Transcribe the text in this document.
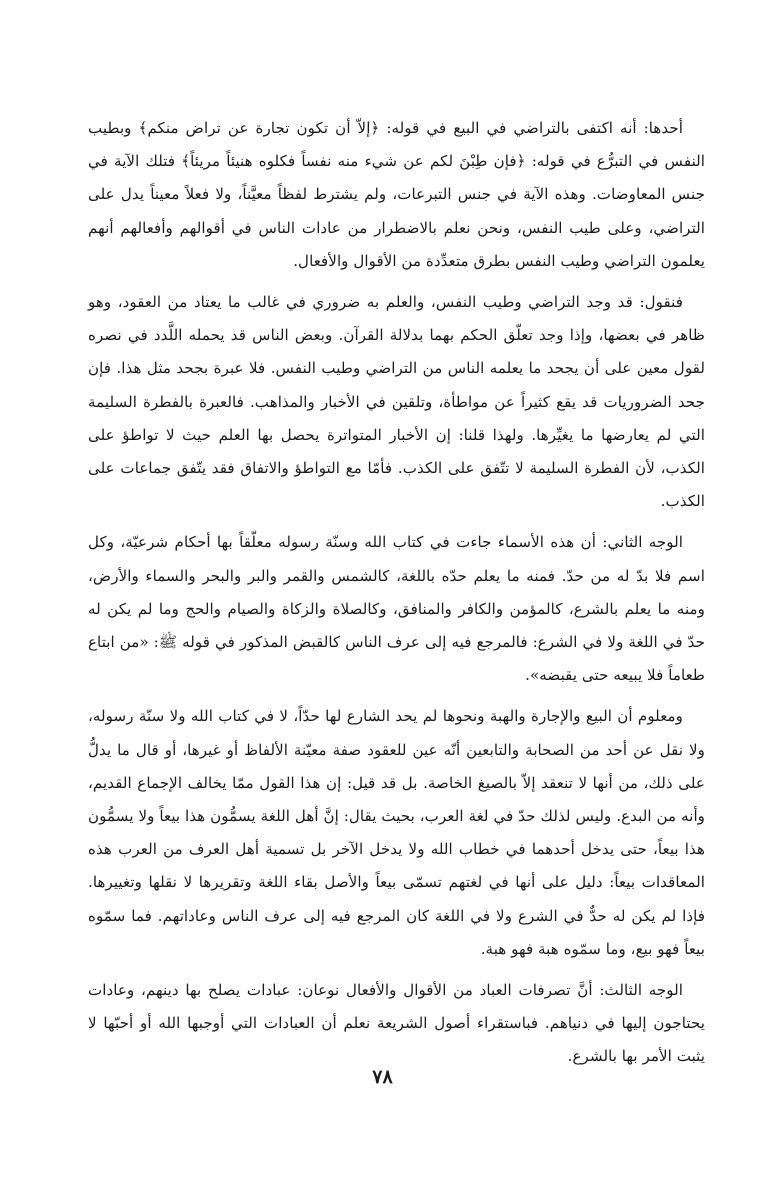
أحدها: أنه اكتفى بالتراضي في البيع في قوله: ﴿إلاّ أن تكون تجارة عن تراض منكم﴾ وبطيب النفس في التبرُّع في قوله: ﴿فإن طِبْنَ لكم عن شيء منه نفساً فكلوه هنيئاً مريئاً﴾ فتلك الآية في جنس المعاوضات. وهذه الآية في جنس التبرعات، ولم يشترط لفظاً معيَّناً، ولا فعلاً معيناً يدل على التراضي، وعلى طيب النفس، ونحن نعلم بالاضطرار من عادات الناس في أقوالهم وأفعالهم أنهم يعلمون التراضي وطيب النفس بطرق متعدِّدة من الأقوال والأفعال.

فنقول: قد وجد التراضي وطيب النفس، والعلم به ضروري في غالب ما يعتاد من العقود، وهو ظاهر في بعضها، وإذا وجد تعلّق الحكم بهما بدلالة القرآن. وبعض الناس قد يحمله اللَّدد في نصره لقول معين على أن يجحد ما يعلمه الناس من التراضي وطيب النفس. فلا عبرة بجحد مثل هذا. فإن جحد الضروريات قد يقع كثيراً عن مواطأة، وتلقين في الأخبار والمذاهب. فالعبرة بالفطرة السليمة التي لم يعارضها ما يغيِّرها. ولهذا قلنا: إن الأخبار المتواترة يحصل بها العلم حيث لا تواطؤ على الكذب، لأن الفطرة السليمة لا تتّفق على الكذب. فأمّا مع التواطؤ والاتفاق فقد يتّفق جماعات على الكذب.

الوجه الثاني: أن هذه الأسماء جاءت في كتاب الله وسنّة رسوله معلّقاً بها أحكام شرعيّة، وكل اسم فلا بدّ له من حدّ. فمنه ما يعلم حدّه باللغة، كالشمس والقمر والبر والبحر والسماء والأرض، ومنه ما يعلم بالشرع، كالمؤمن والكافر والمنافق، وكالصلاة والزكاة والصيام والحج وما لم يكن له حدّ في اللغة ولا في الشرع: فالمرجع فيه إلى عرف الناس كالقبض المذكور في قوله ﷺ: «من ابتاع طعاماً فلا يبيعه حتى يقبضه».

ومعلوم أن البيع والإجارة والهبة ونحوها لم يحد الشارع لها حدّاً، لا في كتاب الله ولا سنّة رسوله، ولا نقل عن أحد من الصحابة والتابعين أنّه عين للعقود صفة معيّنة الألفاظ أو غيرها، أو قال ما يدلُّ على ذلك، من أنها لا تنعقد إلاّ بالصيغ الخاصة. بل قد قيل: إن هذا القول ممّا يخالف الإجماع القديم، وأنه من البدع. وليس لذلك حدّ في لغة العرب، بحيث يقال: إنَّ أهل اللغة يسمُّون هذا بيعاً ولا يسمُّون هذا بيعاً، حتى يدخل أحدهما في خطاب الله ولا يدخل الآخر بل تسمية أهل العرف من العرب هذه المعاقدات بيعاً: دليل على أنها في لغتهم تسمّى بيعاً والأصل بقاء اللغة وتقريرها لا نقلها وتغييرها. فإذا لم يكن له حدٌّ في الشرع ولا في اللغة كان المرجع فيه إلى عرف الناس وعاداتهم. فما سمّوه بيعاً فهو بيع، وما سمّوه هبة فهو هبة.

الوجه الثالث: أنَّ تصرفات العباد من الأقوال والأفعال نوعان: عبادات يصلح بها دينهم، وعادات يحتاجون إليها في دنياهم. فباستقراء أصول الشريعة نعلم أن العبادات التي أوجبها الله أو أحبّها لا يثبت الأمر بها بالشرع.

٧٨
